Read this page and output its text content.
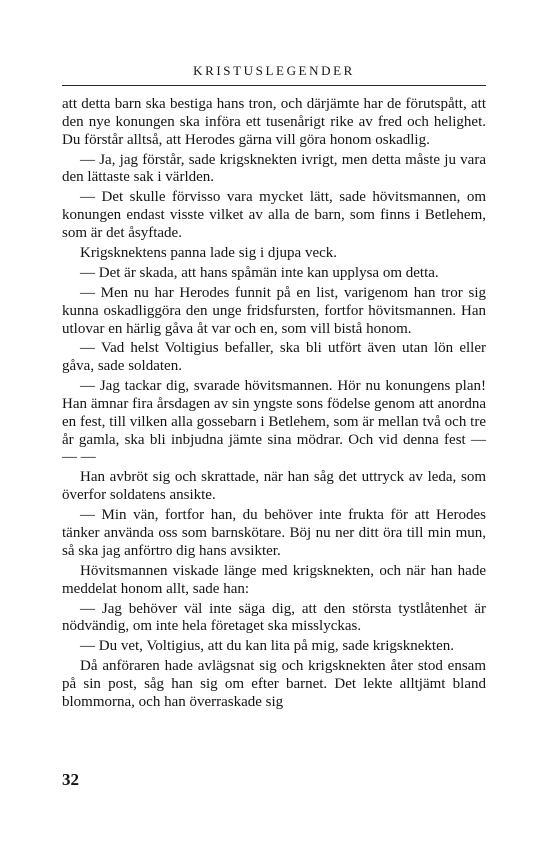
KRISTUSLEGENDER

att detta barn ska bestiga hans tron, och därjämte har de förutspått, att den nye konungen ska införa ett tusenårigt rike av fred och helighet. Du förstår alltså, att Herodes gärna vill göra honom oskadlig.

— Ja, jag förstår, sade krigsknekten ivrigt, men detta måste ju vara den lättaste sak i världen.

— Det skulle förvisso vara mycket lätt, sade hövitsmannen, om konungen endast visste vilket av alla de barn, som finns i Betlehem, som är det åsyftade.

Krigsknektens panna lade sig i djupa veck.

— Det är skada, att hans spåmän inte kan upplysa om detta.

— Men nu har Herodes funnit på en list, varigenom han tror sig kunna oskadliggöra den unge fridsfursten, fortfor hövitsmannen. Han utlovar en härlig gåva åt var och en, som vill bistå honom.

— Vad helst Voltigius befaller, ska bli utfört även utan lön eller gåva, sade soldaten.

— Jag tackar dig, svarade hövitsmannen. Hör nu konungens plan! Han ämnar fira årsdagen av sin yngste sons födelse genom att anordna en fest, till vilken alla gossebarn i Betlehem, som är mellan två och tre år gamla, ska bli inbjudna jämte sina mödrar. Och vid denna fest — — —

Han avbröt sig och skrattade, när han såg det uttryck av leda, som överfor soldatens ansikte.

— Min vän, fortfor han, du behöver inte frukta för att Herodes tänker använda oss som barnskötare. Böj nu ner ditt öra till min mun, så ska jag anförtro dig hans avsikter.

Hövitsmannen viskade länge med krigsknekten, och när han hade meddelat honom allt, sade han:

— Jag behöver väl inte säga dig, att den största tystlåtenhet är nödvändig, om inte hela företaget ska misslyckas.

— Du vet, Voltigius, att du kan lita på mig, sade krigsknekten.

Då anföraren hade avlägsnat sig och krigsknekten åter stod ensam på sin post, såg han sig om efter barnet. Det lekte alltjämt bland blommorna, och han överraskade sig

32
